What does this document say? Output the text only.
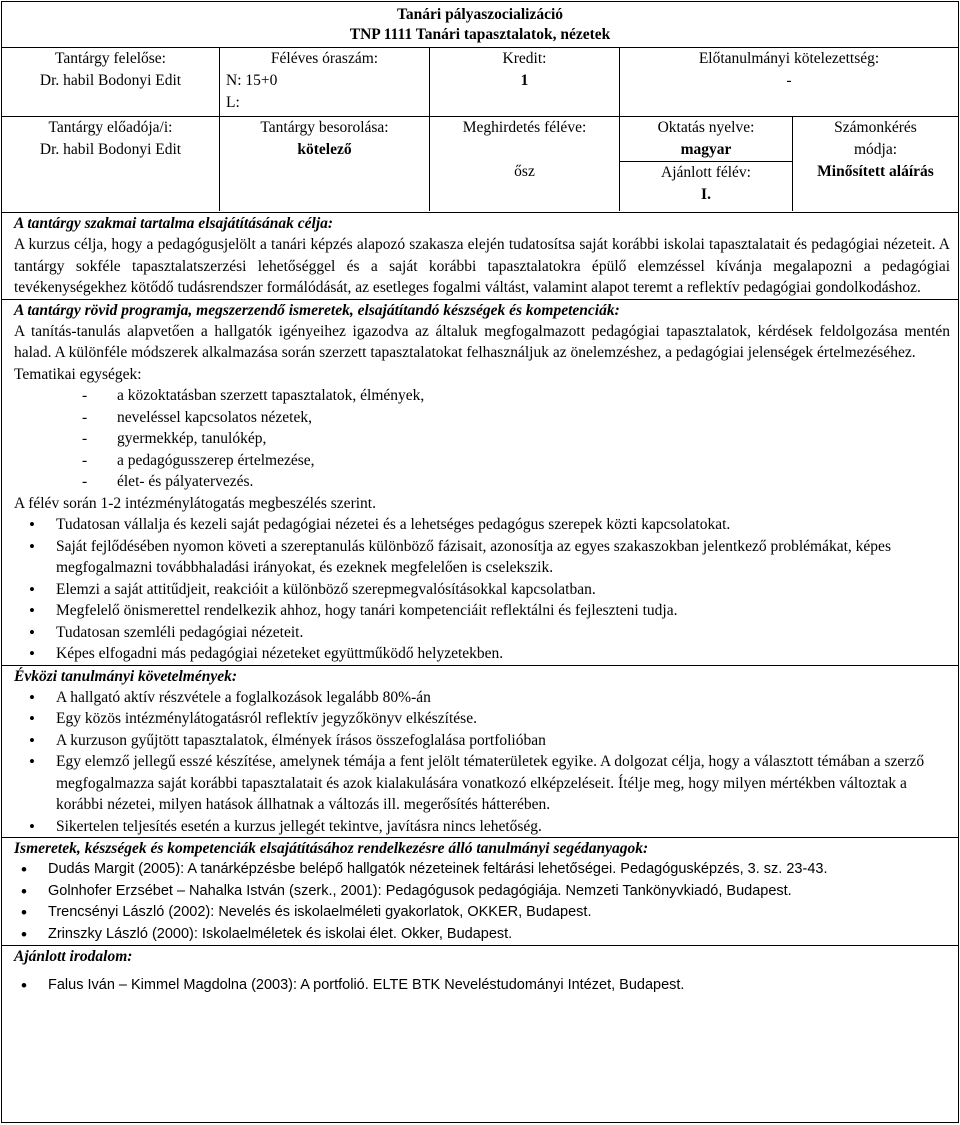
Tanári pályaszocializáció
TNP 1111 Tanári tapasztalatok, nézetek
Tantárgy felelőse:
Dr. habil Bodonyi Edit
Féléves óraszám:
N: 15+0
L:
Kredit:
1
Előtanulmányi kötelezettség:
-
Tantárgy előadója/i:
Dr. habil Bodonyi Edit
Tantárgy besorolása:
kötelező
Meghirdetés féléve:
ősz
Oktatás nyelve:
magyar
Ajánlott félév:
I.
Számonkérés
módja:
Minősített aláírás

A tantárgy szakmai tartalma elsajátításának célja:

A kurzus célja, hogy a pedagógusjelölt a tanári képzés alapozó szakasza elején tudatosítsa saját korábbi iskolai tapasztalatait és pedagógiai nézeteit. A tantárgy sokféle tapasztalatszerzési lehetőséggel és a saját korábbi tapasztalatokra épülő elemzéssel kívánja megalapozni a pedagógiai tevékenységekhez kötődő tudásrendszer formálódását, az esetleges fogalmi váltást, valamint alapot teremt a reflektív pedagógiai gondolkodáshoz.

A tantárgy rövid programja, megszerzendő ismeretek, elsajátítandó készségek és kompetenciák:

A tanítás-tanulás alapvetően a hallgatók igényeihez igazodva az általuk megfogalmazott pedagógiai tapasztalatok, kérdések feldolgozása mentén halad. A különféle módszerek alkalmazása során szerzett tapasztalatokat felhasználjuk az önelemzéshez, a pedagógiai jelenségek értelmezéséhez.

Tematikai egységek:

- a közoktatásban szerzett tapasztalatok, élmények,
- neveléssel kapcsolatos nézetek,
- gyermekkép, tanulókép,
- a pedagógusszerep értelmezése,
- élet- és pályatervezés.

A félév során 1-2 intézménylátogatás megbeszélés szerint.

• Tudatosan vállalja és kezeli saját pedagógiai nézetei és a lehetséges pedagógus szerepek közti kapcsolatokat.
• Saját fejlődésében nyomon követi a szereptanulás különböző fázisait, azonosítja az egyes szakaszokban jelentkező problémákat, képes megfogalmazni továbbhaladási irányokat, és ezeknek megfelelően is cselekszik.
• Elemzi a saját attitűdjeit, reakcióit a különböző szerepmegvalósításokkal kapcsolatban.
• Megfelelő önismerettel rendelkezik ahhoz, hogy tanári kompetenciáit reflektálni és fejleszteni tudja.
• Tudatosan szemléli pedagógiai nézeteit.
• Képes elfogadni más pedagógiai nézeteket együttműködő helyzetekben.

Évközi tanulmányi követelmények:

• A hallgató aktív részvétele a foglalkozások legalább 80%-án
• Egy közös intézménylátogatásról reflektív jegyzőkönyv elkészítése.
• A kurzuson gyűjtött tapasztalatok, élmények írásos összefoglalása portfolióban
• Egy elemző jellegű esszé készítése, amelynek témája a fent jelölt tématerületek egyike. A dolgozat célja, hogy a választott témában a szerző megfogalmazza saját korábbi tapasztalatait és azok kialakulására vonatkozó elképzeléseit. Ítélje meg, hogy milyen mértékben változtak a korábbi nézetei, milyen hatások állhatnak a változás ill. megerősítés hátterében.
• Sikertelen teljesítés esetén a kurzus jellegét tekintve, javításra nincs lehetőség.

Ismeretek, készségek és kompetenciák elsajátításához rendelkezésre álló tanulmányi segédanyagok:

• Dudás Margit (2005): A tanárképzésbe belépő hallgatók nézeteinek feltárási lehetőségei. Pedagógusképzés, 3. sz. 23-43.
• Golnhofer Erzsébet – Nahalka István (szerk., 2001): Pedagógusok pedagógiája. Nemzeti Tankönyvkiadó, Budapest.
• Trencsényi László (2002): Nevelés és iskolaelméleti gyakorlatok, OKKER, Budapest.
• Zrinszky László (2000): Iskolaelméletek és iskolai élet. Okker, Budapest.

Ajánlott irodalom:

• Falus Iván – Kimmel Magdolna (2003): A portfolió. ELTE BTK Neveléstudományi Intézet, Budapest.
